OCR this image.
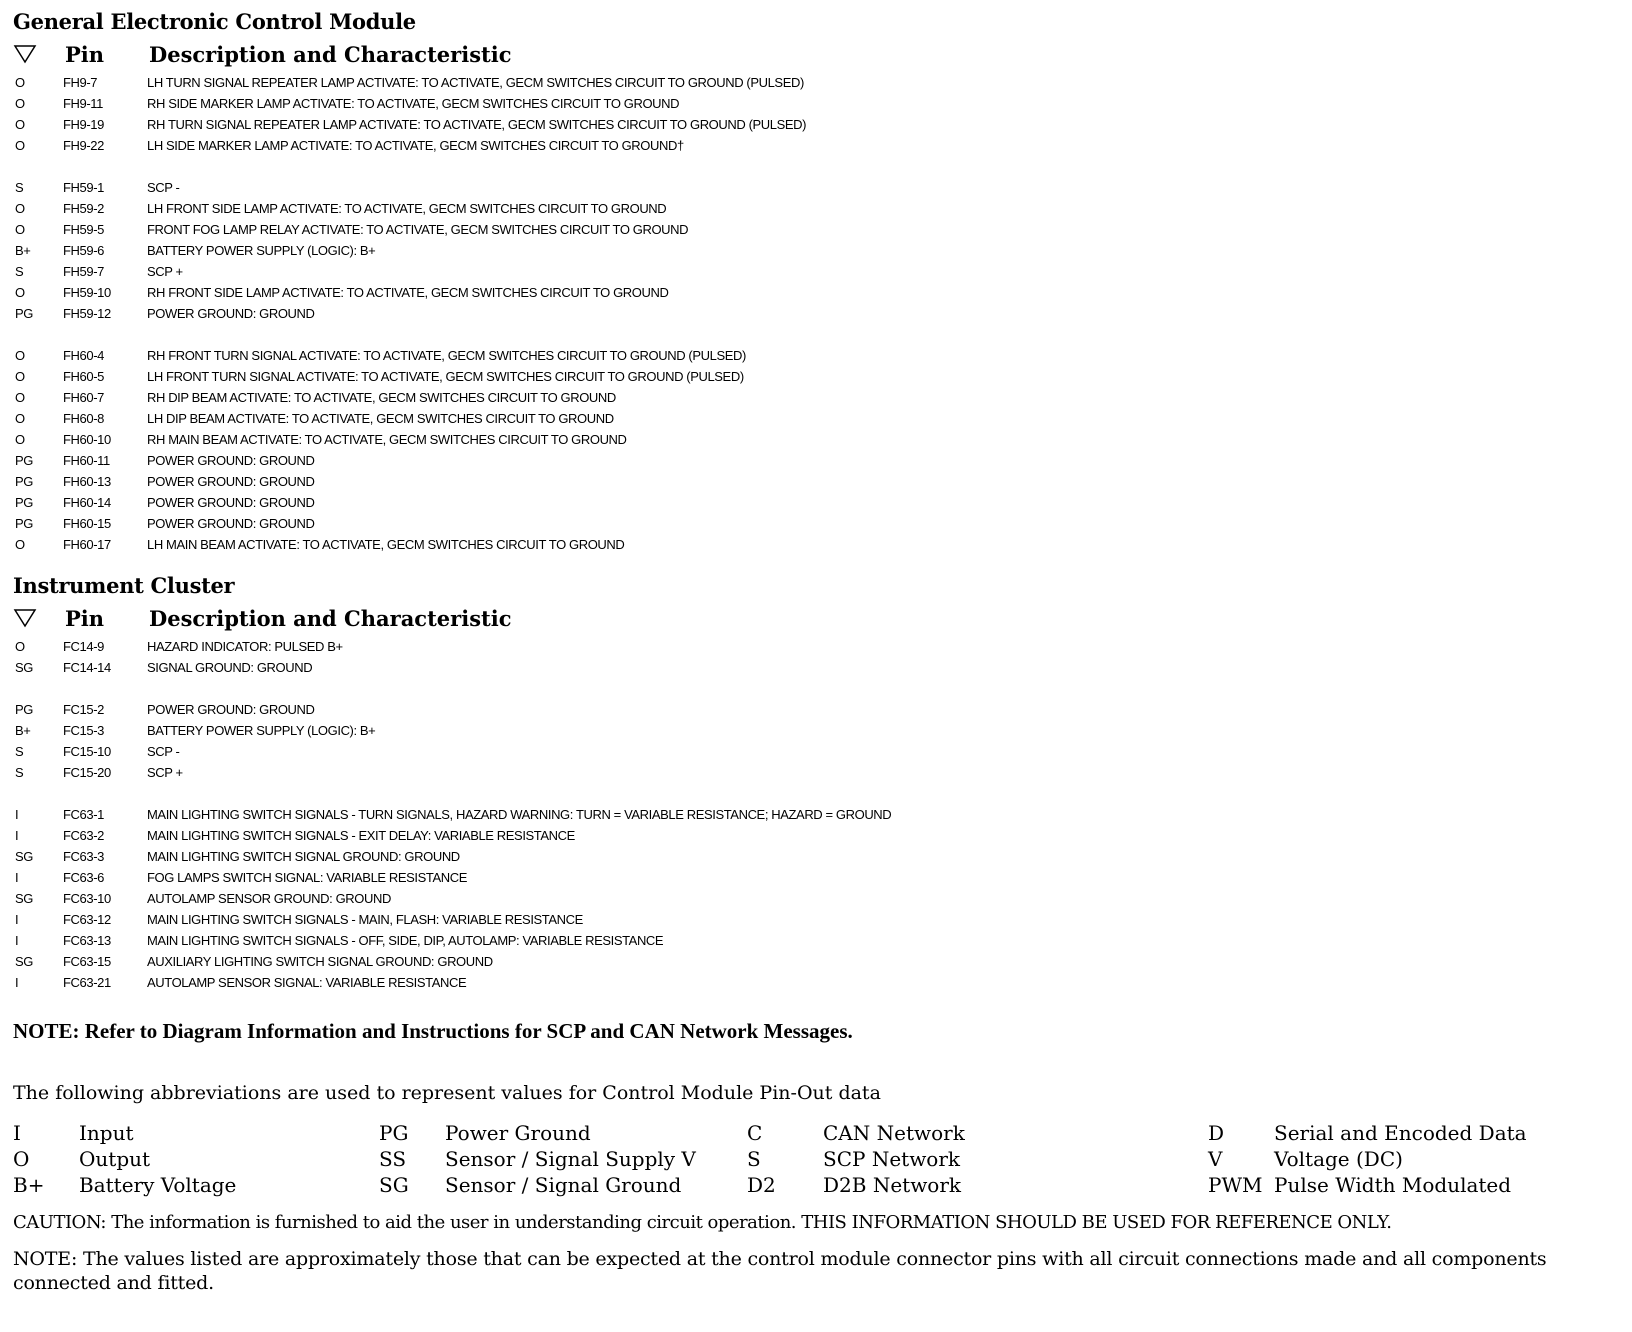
General Electronic Control Module
Pin	Description and Characteristic
O	FH9-7	LH TURN SIGNAL REPEATER LAMP ACTIVATE: TO ACTIVATE, GECM SWITCHES CIRCUIT TO GROUND (PULSED)
O	FH9-11	RH SIDE MARKER LAMP ACTIVATE: TO ACTIVATE, GECM SWITCHES CIRCUIT TO GROUND
O	FH9-19	RH TURN SIGNAL REPEATER LAMP ACTIVATE: TO ACTIVATE, GECM SWITCHES CIRCUIT TO GROUND (PULSED)
O	FH9-22	LH SIDE MARKER LAMP ACTIVATE: TO ACTIVATE, GECM SWITCHES CIRCUIT TO GROUND†
S	FH59-1	SCP -
O	FH59-2	LH FRONT SIDE LAMP ACTIVATE: TO ACTIVATE, GECM SWITCHES CIRCUIT TO GROUND
O	FH59-5	FRONT FOG LAMP RELAY ACTIVATE: TO ACTIVATE, GECM SWITCHES CIRCUIT TO GROUND
B+	FH59-6	BATTERY POWER SUPPLY (LOGIC): B+
S	FH59-7	SCP +
O	FH59-10	RH FRONT SIDE LAMP ACTIVATE: TO ACTIVATE, GECM SWITCHES CIRCUIT TO GROUND
PG	FH59-12	POWER GROUND: GROUND
O	FH60-4	RH FRONT TURN SIGNAL ACTIVATE: TO ACTIVATE, GECM SWITCHES CIRCUIT TO GROUND (PULSED)
O	FH60-5	LH FRONT TURN SIGNAL ACTIVATE: TO ACTIVATE, GECM SWITCHES CIRCUIT TO GROUND (PULSED)
O	FH60-7	RH DIP BEAM ACTIVATE: TO ACTIVATE, GECM SWITCHES CIRCUIT TO GROUND
O	FH60-8	LH DIP BEAM ACTIVATE: TO ACTIVATE, GECM SWITCHES CIRCUIT TO GROUND
O	FH60-10	RH MAIN BEAM ACTIVATE: TO ACTIVATE, GECM SWITCHES CIRCUIT TO GROUND
PG	FH60-11	POWER GROUND: GROUND
PG	FH60-13	POWER GROUND: GROUND
PG	FH60-14	POWER GROUND: GROUND
PG	FH60-15	POWER GROUND: GROUND
O	FH60-17	LH MAIN BEAM ACTIVATE: TO ACTIVATE, GECM SWITCHES CIRCUIT TO GROUND
Instrument Cluster
Pin	Description and Characteristic
O	FC14-9	HAZARD INDICATOR: PULSED B+
SG	FC14-14	SIGNAL GROUND: GROUND
PG	FC15-2	POWER GROUND: GROUND
B+	FC15-3	BATTERY POWER SUPPLY (LOGIC): B+
S	FC15-10	SCP -
S	FC15-20	SCP +
I	FC63-1	MAIN LIGHTING SWITCH SIGNALS - TURN SIGNALS, HAZARD WARNING: TURN = VARIABLE RESISTANCE; HAZARD = GROUND
I	FC63-2	MAIN LIGHTING SWITCH SIGNALS - EXIT DELAY: VARIABLE RESISTANCE
SG	FC63-3	MAIN LIGHTING SWITCH SIGNAL GROUND: GROUND
I	FC63-6	FOG LAMPS SWITCH SIGNAL: VARIABLE RESISTANCE
SG	FC63-10	AUTOLAMP SENSOR GROUND: GROUND
I	FC63-12	MAIN LIGHTING SWITCH SIGNALS - MAIN, FLASH: VARIABLE RESISTANCE
I	FC63-13	MAIN LIGHTING SWITCH SIGNALS - OFF, SIDE, DIP, AUTOLAMP: VARIABLE RESISTANCE
SG	FC63-15	AUXILIARY LIGHTING SWITCH SIGNAL GROUND: GROUND
I	FC63-21	AUTOLAMP SENSOR SIGNAL: VARIABLE RESISTANCE

NOTE: Refer to Diagram Information and Instructions for SCP and CAN Network Messages.

The following abbreviations are used to represent values for Control Module Pin-Out data

I	Input	PG	Power Ground	C	CAN Network	D	Serial and Encoded Data
O	Output	SS	Sensor / Signal Supply V	S	SCP Network	V	Voltage (DC)
B+	Battery Voltage	SG	Sensor / Signal Ground	D2	D2B Network	PWM Pulse Width Modulated

CAUTION: The information is furnished to aid the user in understanding circuit operation. THIS INFORMATION SHOULD BE USED FOR REFERENCE ONLY.

NOTE: The values listed are approximately those that can be expected at the control module connector pins with all circuit connections made and all components connected and fitted.
